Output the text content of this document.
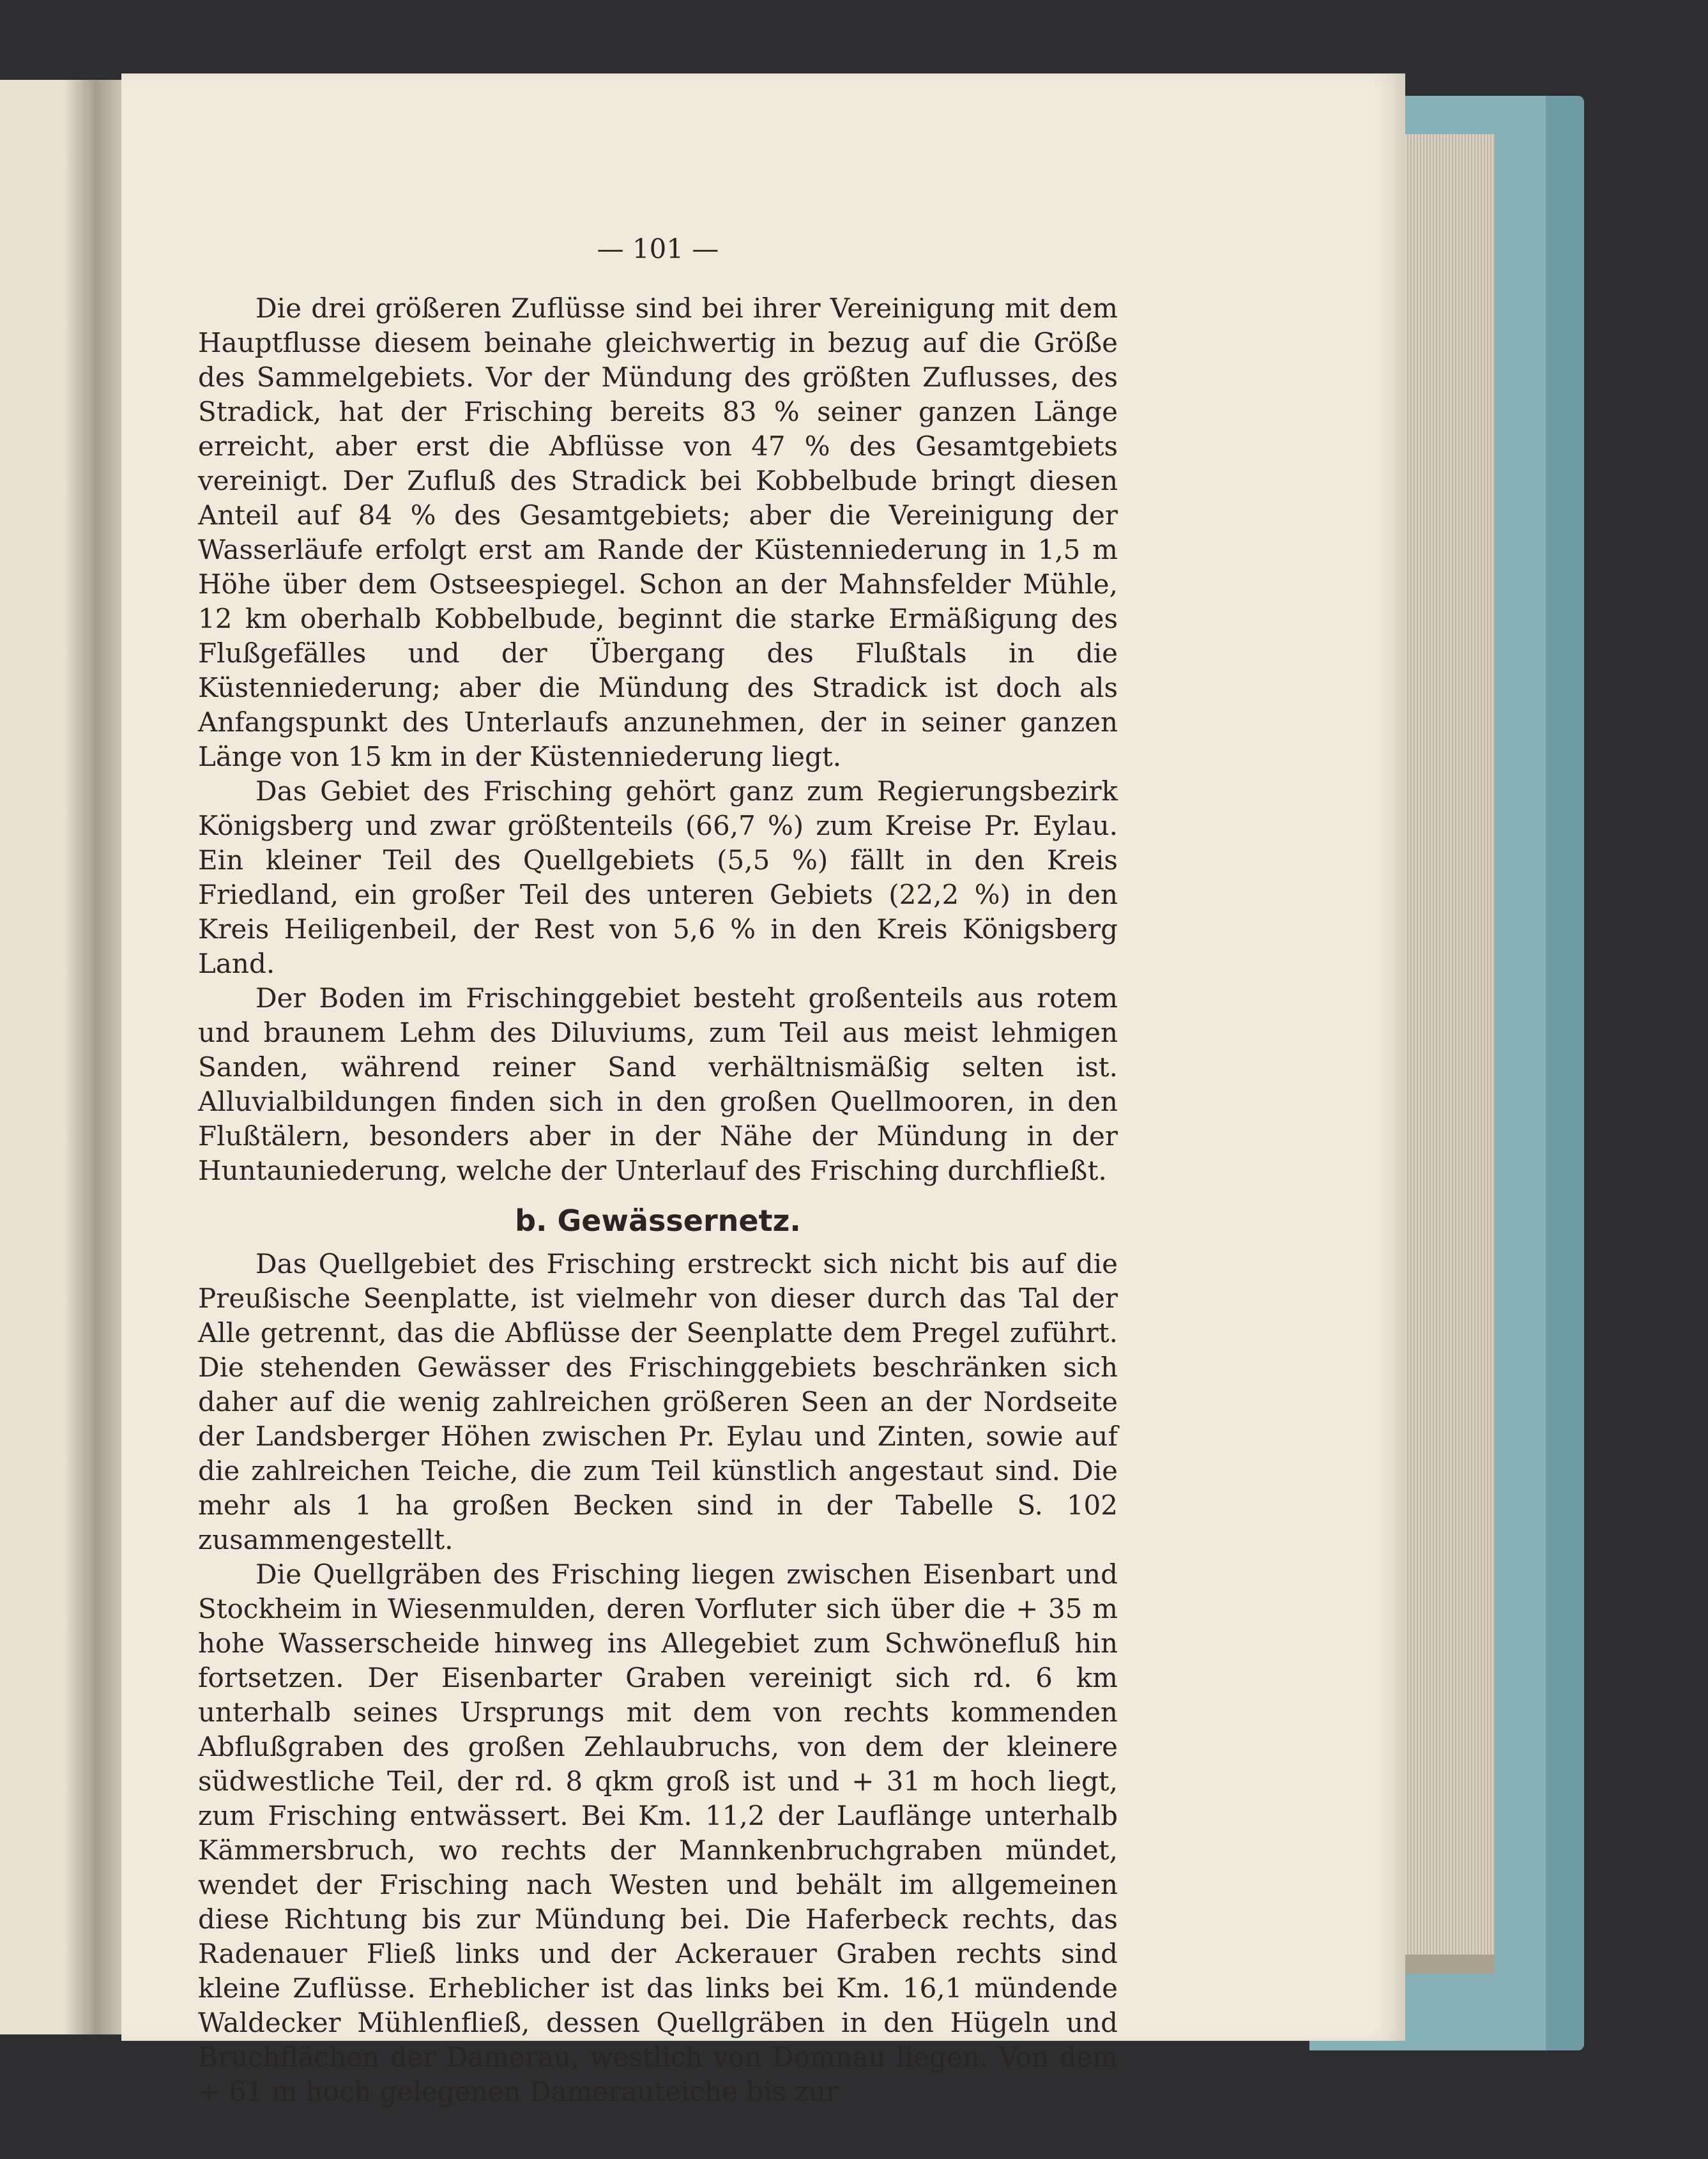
— 101 —

Die drei größeren Zuflüsse sind bei ihrer Vereinigung mit dem Hauptflusse diesem beinahe gleichwertig in bezug auf die Größe des Sammelgebiets. Vor der Mündung des größten Zuflusses, des Stradick, hat der Frisching bereits 83 % seiner ganzen Länge erreicht, aber erst die Abflüsse von 47 % des Gesamtgebiets vereinigt. Der Zufluß des Stradick bei Kobbelbude bringt diesen Anteil auf 84 % des Gesamtgebiets; aber die Vereinigung der Wasserläufe erfolgt erst am Rande der Küstenniederung in 1,5 m Höhe über dem Ostseespiegel. Schon an der Mahnsfelder Mühle, 12 km oberhalb Kobbelbude, beginnt die starke Ermäßigung des Flußgefälles und der Übergang des Flußtals in die Küstenniederung; aber die Mündung des Stradick ist doch als Anfangspunkt des Unterlaufs anzunehmen, der in seiner ganzen Länge von 15 km in der Küstenniederung liegt.

Das Gebiet des Frisching gehört ganz zum Regierungsbezirk Königsberg und zwar größtenteils (66,7 %) zum Kreise Pr. Eylau. Ein kleiner Teil des Quellgebiets (5,5 %) fällt in den Kreis Friedland, ein großer Teil des unteren Gebiets (22,2 %) in den Kreis Heiligenbeil, der Rest von 5,6 % in den Kreis Königsberg Land.

Der Boden im Frischinggebiet besteht großenteils aus rotem und braunem Lehm des Diluviums, zum Teil aus meist lehmigen Sanden, während reiner Sand verhältnismäßig selten ist. Alluvialbildungen finden sich in den großen Quellmooren, in den Flußtälern, besonders aber in der Nähe der Mündung in der Huntauniederung, welche der Unterlauf des Frisching durchfließt.

b. Gewässernetz.

Das Quellgebiet des Frisching erstreckt sich nicht bis auf die Preußische Seenplatte, ist vielmehr von dieser durch das Tal der Alle getrennt, das die Abflüsse der Seenplatte dem Pregel zuführt. Die stehenden Gewässer des Frischinggebiets beschränken sich daher auf die wenig zahlreichen größeren Seen an der Nordseite der Landsberger Höhen zwischen Pr. Eylau und Zinten, sowie auf die zahlreichen Teiche, die zum Teil künstlich angestaut sind. Die mehr als 1 ha großen Becken sind in der Tabelle S. 102 zusammengestellt.

Die Quellgräben des Frisching liegen zwischen Eisenbart und Stockheim in Wiesenmulden, deren Vorfluter sich über die + 35 m hohe Wasserscheide hinweg ins Allegebiet zum Schwönefluß hin fortsetzen. Der Eisenbarter Graben vereinigt sich rd. 6 km unterhalb seines Ursprungs mit dem von rechts kommenden Abflußgraben des großen Zehlaubruchs, von dem der kleinere südwestliche Teil, der rd. 8 qkm groß ist und + 31 m hoch liegt, zum Frisching entwässert. Bei Km. 11,2 der Lauflänge unterhalb Kämmersbruch, wo rechts der Mannkenbruchgraben mündet, wendet der Frisching nach Westen und behält im allgemeinen diese Richtung bis zur Mündung bei. Die Haferbeck rechts, das Radenauer Fließ links und der Ackerauer Graben rechts sind kleine Zuflüsse. Erheblicher ist das links bei Km. 16,1 mündende Waldecker Mühlenfließ, dessen Quellgräben in den Hügeln und Bruchflächen der Damerau, westlich von Domnau liegen. Von dem + 61 m hoch gelegenen Damerauteiche bis zur
